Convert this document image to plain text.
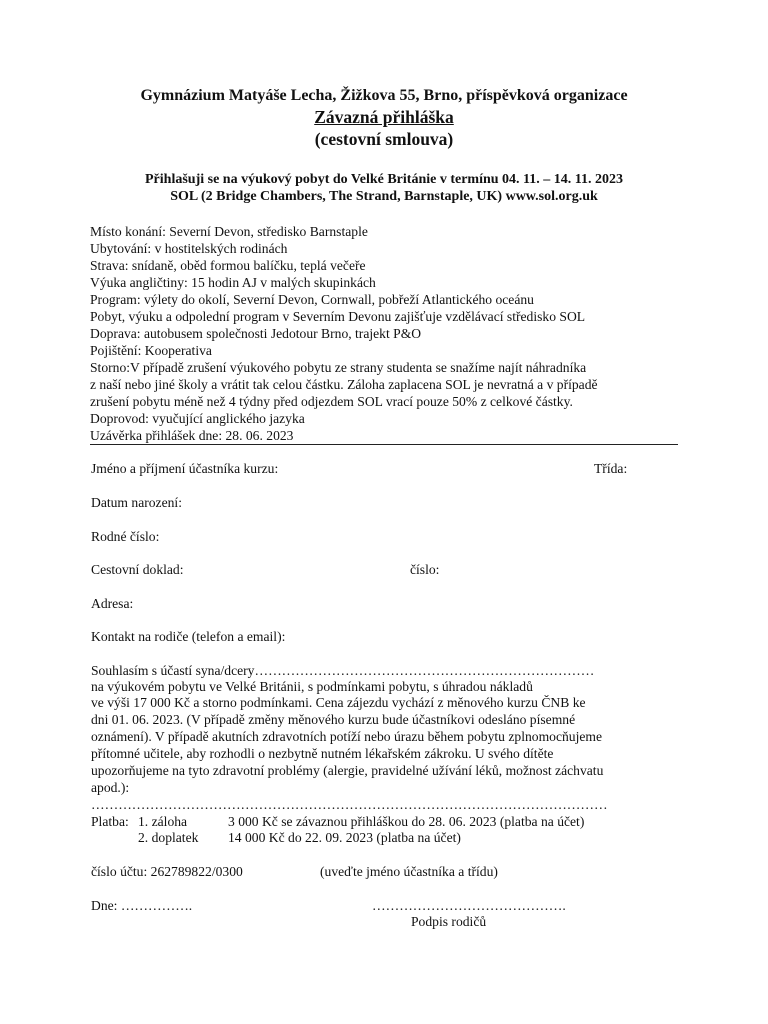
Gymnázium Matyáše Lecha, Žižkova 55, Brno, příspěvková organizace
Závazná přihláška
(cestovní smlouva)
Přihlašuji se na výukový pobyt do Velké Británie v termínu 04. 11. – 14. 11. 2023
SOL (2 Bridge Chambers, The Strand, Barnstaple, UK) www.sol.org.uk
Místo konání: Severní Devon, středisko Barnstaple
Ubytování: v hostitelských rodinách
Strava: snídaně, oběd formou balíčku, teplá večeře
Výuka angličtiny: 15 hodin AJ v malých skupinkách
Program: výlety do okolí, Severní Devon, Cornwall, pobřeží Atlantického oceánu
Pobyt, výuku a odpolední program v Severním Devonu zajišťuje vzdělávací středisko SOL
Doprava: autobusem společnosti Jedotour Brno, trajekt P&O
Pojištění: Kooperativa
Storno:V případě zrušení výukového pobytu ze strany studenta se snažíme najít náhradníka
z naší nebo jiné školy a vrátit tak celou částku. Záloha zaplacena SOL je nevratná a v případě
zrušení pobytu méně než 4 týdny před odjezdem SOL vrací pouze 50% z celkové částky.
Doprovod: vyučující anglického jazyka
Uzávěrka přihlášek dne: 28. 06. 2023
Jméno a příjmení účastníka kurzu:	Třída:
Datum narození:
Rodné číslo:
Cestovní doklad:	číslo:
Adresa:
Kontakt na rodiče (telefon a email):
Souhlasím s účastí syna/dcery…………………………………………………………………
na výukovém pobytu ve Velké Británii, s podmínkami pobytu, s úhradou nákladů
ve výši 17 000 Kč a storno podmínkami. Cena zájezdu vychází z měnového kurzu ČNB ke
dni 01. 06. 2023. (V případě změny měnového kurzu bude účastníkovi odesláno písemné
oznámení). V případě akutních zdravotních potíží nebo úrazu během pobytu zplnomocňujeme
přítomné učitele, aby rozhodli o nezbytně nutném lékařském zákroku. U svého dítěte
upozorňujeme na tyto zdravotní problémy (alergie, pravidelné užívání léků, možnost záchvatu
apod.):
……………………………………………………………………………………………………
Platba: 1. záloha	3 000 Kč se závaznou přihláškou do 28. 06. 2023 (platba na účet)
2. doplatek 14 000 Kč do 22. 09. 2023 (platba na účet)
číslo účtu: 262789822/0300	(uveďte jméno účastníka a třídu)
Dne: …………….	…………………………………….
Podpis rodičů
